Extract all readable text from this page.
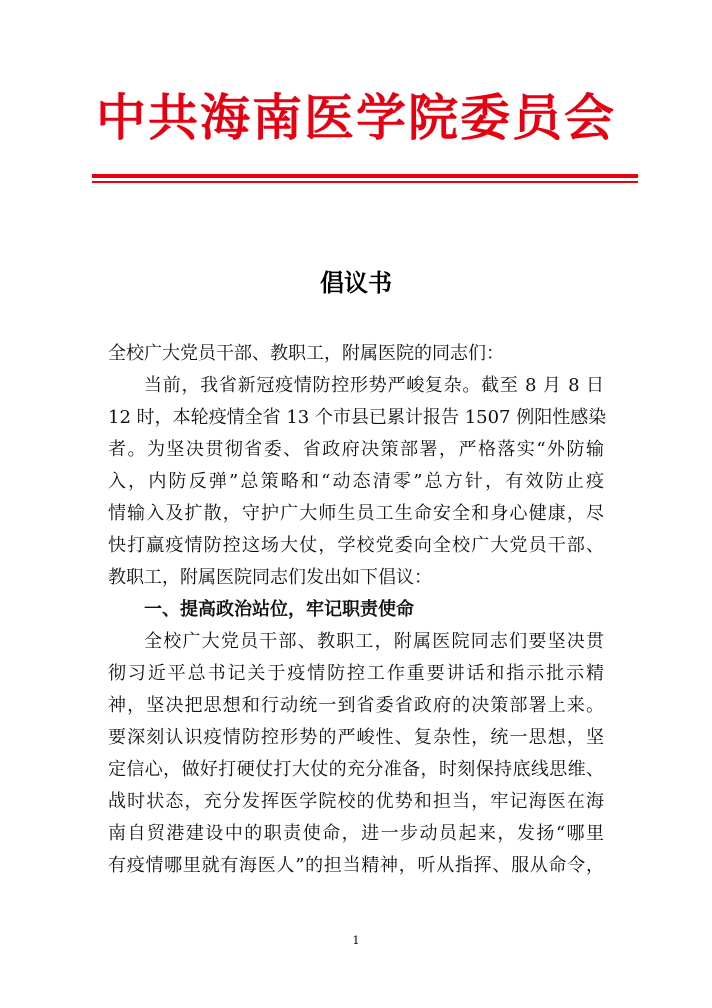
中共海南医学院委员会
倡议书
全校广大党员干部、教职工，附属医院的同志们：
当前，我省新冠疫情防控形势严峻复杂。截至 8 月 8 日
12 时，本轮疫情全省 13 个市县已累计报告 1507 例阳性感染
者。为坚决贯彻省委、省政府决策部署，严格落实“外防输
入，内防反弹”总策略和“动态清零”总方针，有效防止疫
情输入及扩散，守护广大师生员工生命安全和身心健康，尽
快打赢疫情防控这场大仗，学校党委向全校广大党员干部、
教职工，附属医院同志们发出如下倡议：
一、提高政治站位，牢记职责使命
全校广大党员干部、教职工，附属医院同志们要坚决贯
彻习近平总书记关于疫情防控工作重要讲话和指示批示精
神，坚决把思想和行动统一到省委省政府的决策部署上来。
要深刻认识疫情防控形势的严峻性、复杂性，统一思想，坚
定信心，做好打硬仗打大仗的充分准备，时刻保持底线思维、
战时状态，充分发挥医学院校的优势和担当，牢记海医在海
南自贸港建设中的职责使命，进一步动员起来，发扬“哪里
有疫情哪里就有海医人”的担当精神，听从指挥、服从命令，
1
